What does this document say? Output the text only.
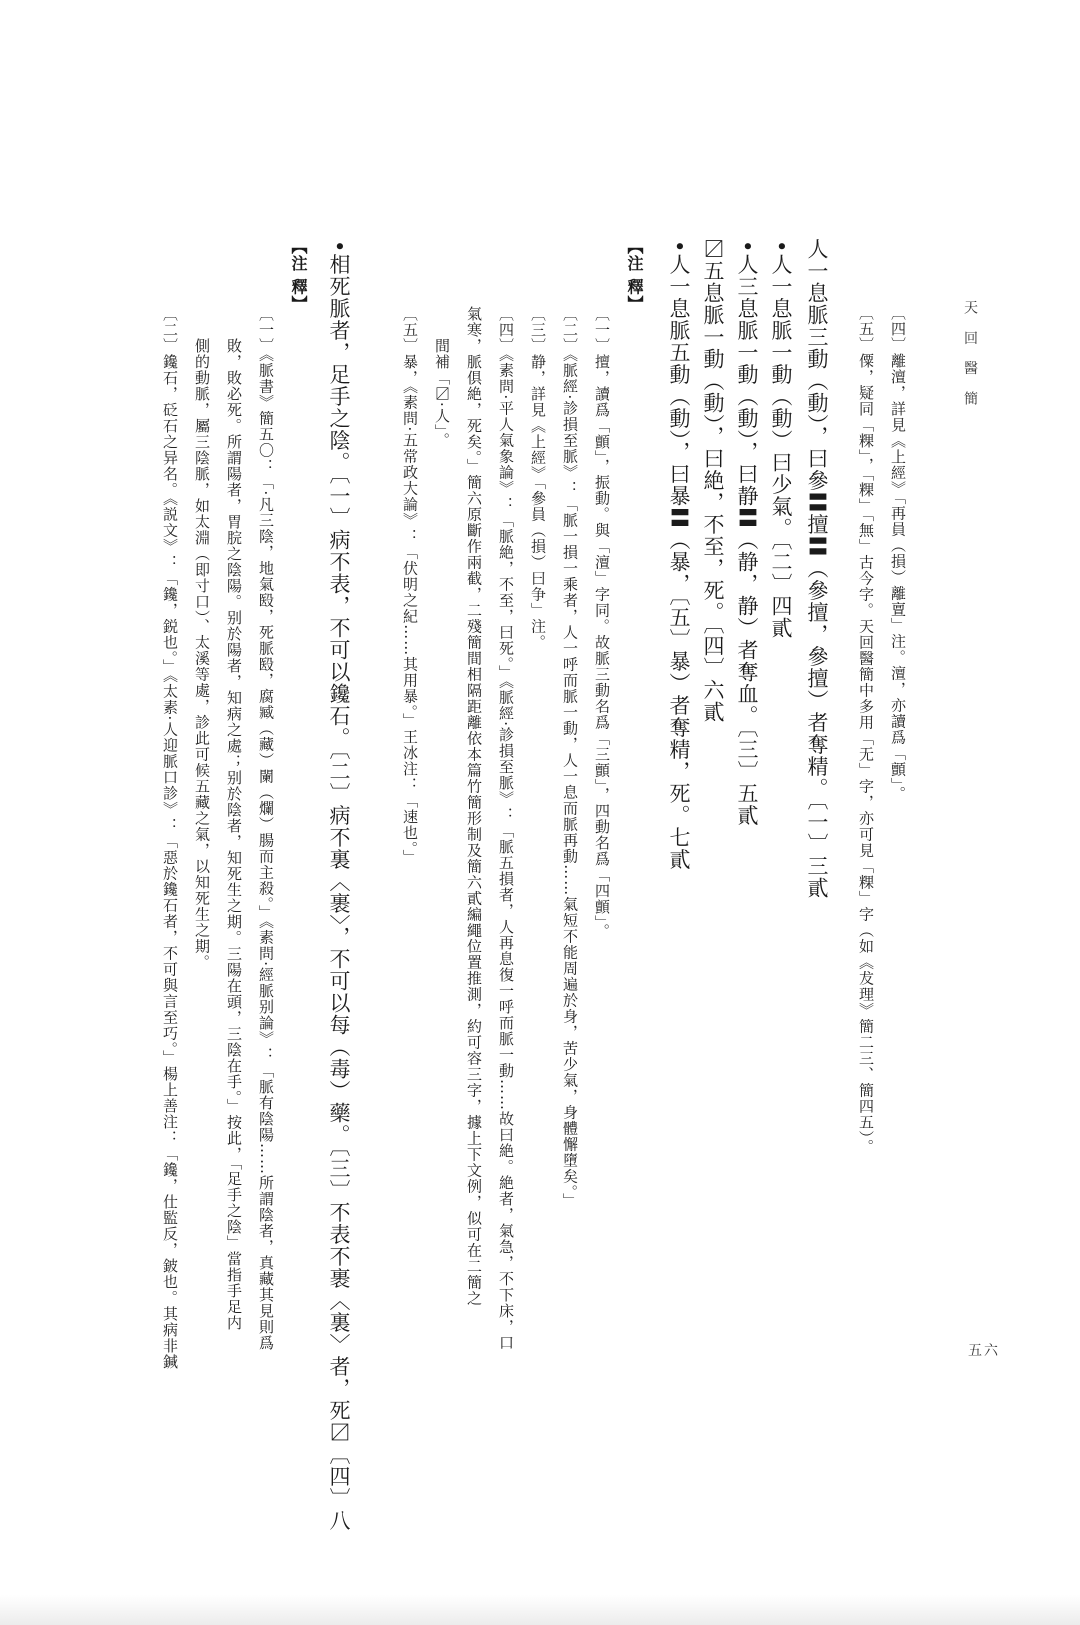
天 回 醫 簡
五六
〔四〕離澶，詳見《上經》「再員（損）離亶」注。澶，亦讀爲「顫」。
〔五〕僳，疑同「粿」，「粿」「無」古今字。天回醫簡中多用「无」字，亦可見「粿」字（如《犮理》簡二三、簡四五）。
人一息脈三動（動），曰參〓擅〓（參擅，參擅）者奪精。〔一〕三貳
•人一息脈一動（動）曰少氣。〔二〕四貳
•人三息脈一動（動），曰静〓（静，静）者奪血。〔三〕五貳
〼五息脈一動（動），曰絶，不至，死。〔四〕六貳
•人一息脈五動（動），曰暴〓（暴，〔五〕暴）者奪精，死。七貳
【注 釋】
〔一〕擅，讀爲「顫」，振動。與「澶」字同。故脈三動名爲「三顫」，四動名爲「四顫」。
〔二〕《脈經·診損至脈》：「脈一損一乘者，人一呼而脈一動，人一息而脈再動……氣短不能周遍於身，苦少氣，身體懈墮矣。」
〔三〕静，詳見《上經》「參員（損）曰争」注。
〔四〕《素問·平人氣象論》：「脈絶，不至，曰死。」《脈經·診損至脈》：「脈五損者，人再息復一呼而脈一動……故曰絶。絶者，氣急，不下床，口
氣寒，脈俱絶，死矣。」簡六原斷作兩截，二殘簡間相隔距離依本篇竹簡形制及簡六貳編繩位置推測，約可容三字，據上下文例，似可在二簡之
間補「〼·人」。
〔五〕暴，《素問·五常政大論》：「伏明之紀……其用暴。」王冰注：「速也。」
•相死脈者，足手之陰。〔一〕病不表，不可以鑱石。〔二〕病不裏〈裹〉，不可以每（毒）藥。〔三〕不表不裹〈裏〉者，死〼〔四〕八
【注 釋】
〔一〕《脈書》簡五〇：「·凡三陰，地氣殹，死脈殹，腐臧（藏）闌（爛）腸而主殺。」《素問·經脈别論》：「脈有陰陽……所謂陰者，真藏其見則爲
敗，敗必死。所謂陽者，胃脘之陰陽。别於陽者，知病之處；别於陰者，知死生之期。三陽在頭，三陰在手。」按此，「足手之陰」當指手足内
側的動脈，屬三陰脈，如太淵（即寸口）、太溪等處，診此可候五藏之氣，以知死生之期。
〔二〕鑱石，砭石之异名。《説文》：「鑱，鋭也。」《太素·人迎脈口診》：「惡於鑱石者，不可與言至巧。」楊上善注：「鑱，仕監反，鈹也。其病非鍼
